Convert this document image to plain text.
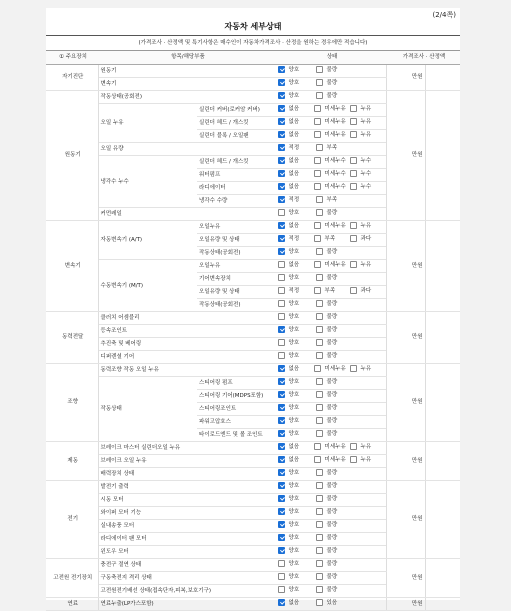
(2/4쪽)
자동차 세부상태
(가격조사 · 산정액 및 특기사항은 매수인이 자동차가격조사 · 산정을 원하는 경우에만 적습니다)
① 주요장치	항목/해당부품		상태	가격조사 · 산정액	
자기진단	원동기		양호 불량	만원	
	변속기		양호 불량		
원동기	작동상태(공회전)		양호 불량	만원	
	오일 누유	실린더 커버(로커암 커버)	없음 미세누유 누유		
		실린더 헤드 / 개스킷	없음 미세누유 누유		
		실린더 블록 / 오일팬	없음 미세누유 누유		
	오일 유량		적정 부족		
	냉각수 누수	실린더 헤드 / 개스킷	없음 미세누수 누수		
		워터펌프	없음 미세누수 누수		
		라디에이터	없음 미세누수 누수		
		냉각수 수량	적정 부족		
	커먼레일		양호 불량		
변속기	자동변속기 (A/T)	오일누유	없음 미세누유 누유	만원	
		오일유량 및 상태	적정 부족 과다		
		작동상태(공회전)	양호 불량		
	수동변속기 (M/T)	오일누유	없음 미세누유 누유		
		기어변속장치	양호 불량		
		오일유량 및 상태	적정 부족 과다		
		작동상태(공회전)	양호 불량		
동력전달	클러치 어셈블리		양호 불량	만원	
	등속조인트		양호 불량		
	추진축 및 베어링		양호 불량		
	디퍼렌셜 기어		양호 불량		
조향	동력조향 작동 오일 누유		없음 미세누유 누유	만원	
	작동상태	스티어링 펌프	양호 불량		
		스티어링 기어(MDPS포함)	양호 불량		
		스티어링조인트	양호 불량		
		파워고압호스	양호 불량		
		타이로드엔드 및 볼 조인트	양호 불량		
제동	브레이크 마스터 실린더오일 누유		없음 미세누유 누유	만원	
	브레이크 오일 누유		없음 미세누유 누유		
	배력장치 상태		양호 불량		
전기	발전기 출력		양호 불량	만원	
	시동 모터		양호 불량		
	와이퍼 모터 기능		양호 불량		
	실내송풍 모터		양호 불량		
	라디에이터 팬 모터		양호 불량		
	윈도우 모터		양호 불량		
고전원 전기장치	충전구 절연 상태		양호 불량	만원	
	구동축전지 격리 상태		양호 불량		
	고전원전기배선 상태(접속단자,피복,보호기구)		양호 불량		
연료	연료누출(LP가스포함)		없음 있음	만원	
